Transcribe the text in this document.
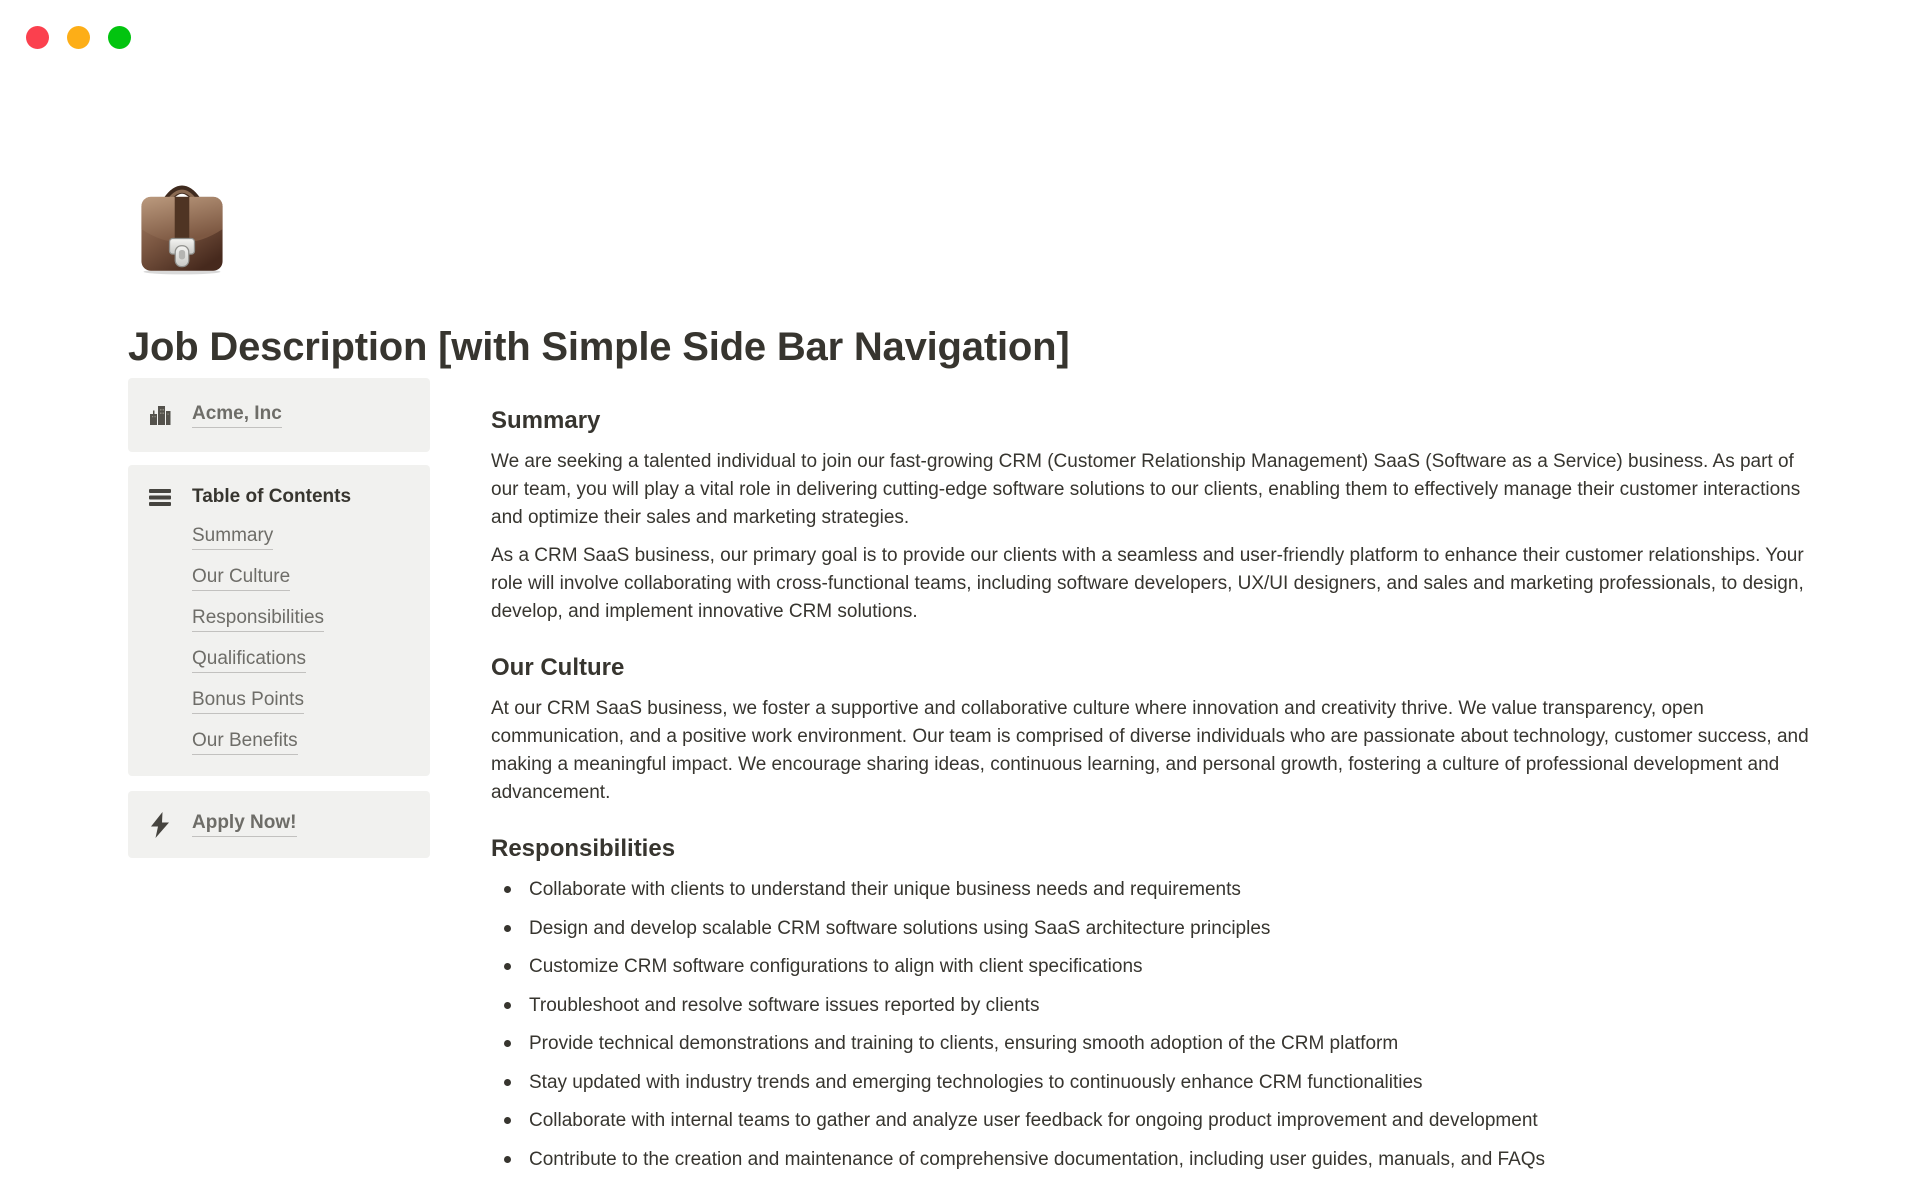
Job Description [with Simple Side Bar Navigation]
Acme, Inc
Table of Contents
Summary
Our Culture
Responsibilities
Qualifications
Bonus Points
Our Benefits
Apply Now!
Summary

We are seeking a talented individual to join our fast-growing CRM (Customer Relationship Management) SaaS (Software as a Service) business. As part of our team, you will play a vital role in delivering cutting-edge software solutions to our clients, enabling them to effectively manage their customer interactions and optimize their sales and marketing strategies.

As a CRM SaaS business, our primary goal is to provide our clients with a seamless and user-friendly platform to enhance their customer relationships. Your role will involve collaborating with cross-functional teams, including software developers, UX/UI designers, and sales and marketing professionals, to design, develop, and implement innovative CRM solutions.

Our Culture

At our CRM SaaS business, we foster a supportive and collaborative culture where innovation and creativity thrive. We value transparency, open communication, and a positive work environment. Our team is comprised of diverse individuals who are passionate about technology, customer success, and making a meaningful impact. We encourage sharing ideas, continuous learning, and personal growth, fostering a culture of professional development and advancement.

Responsibilities
Collaborate with clients to understand their unique business needs and requirements
Design and develop scalable CRM software solutions using SaaS architecture principles
Customize CRM software configurations to align with client specifications
Troubleshoot and resolve software issues reported by clients
Provide technical demonstrations and training to clients, ensuring smooth adoption of the CRM platform
Stay updated with industry trends and emerging technologies to continuously enhance CRM functionalities
Collaborate with internal teams to gather and analyze user feedback for ongoing product improvement and development
Contribute to the creation and maintenance of comprehensive documentation, including user guides, manuals, and FAQs
